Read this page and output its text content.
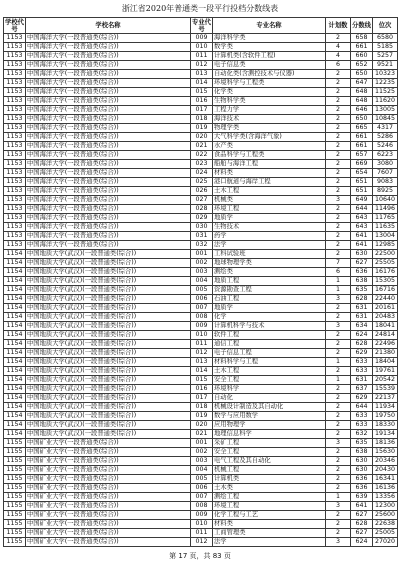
浙江省2020年普通类一段平行投档分数线表
学校代号	学校名称	专业代号	专业名称	计划数	分数线	位次
1153	中国海洋大学(一段普通类(综合))	009	海洋科学类	2	658	6580
1153	中国海洋大学(一段普通类(综合))	010	数学类	4	661	5185
1153	中国海洋大学(一段普通类(综合))	011	计算机类(含软件工程)	4	660	5257
1153	中国海洋大学(一段普通类(综合))	012	电子信息类	6	652	9521
1153	中国海洋大学(一段普通类(综合))	013	自动化类(含测控技术与仪器)	2	650	10323
1153	中国海洋大学(一段普通类(综合))	014	环境科学与工程类	2	647	12235
1153	中国海洋大学(一段普通类(综合))	015	化学类	2	648	11525
1153	中国海洋大学(一段普通类(综合))	016	生物科学类	2	648	11620
1153	中国海洋大学(一段普通类(综合))	017	工程力学	2	646	13005
1153	中国海洋大学(一段普通类(综合))	018	海洋技术	2	650	10845
1153	中国海洋大学(一段普通类(综合))	019	物理学类	2	665	4317
1153	中国海洋大学(一段普通类(综合))	020	大气科学类(含海洋气象)	2	661	5286
1153	中国海洋大学(一段普通类(综合))	021	水产类	2	661	5246
1153	中国海洋大学(一段普通类(综合))	022	食品科学与工程类	2	657	6223
1153	中国海洋大学(一段普通类(综合))	023	船舶与海洋工程	2	669	3080
1153	中国海洋大学(一段普通类(综合))	024	材料类	2	654	7607
1153	中国海洋大学(一段普通类(综合))	025	港口航道与海岸工程	2	651	9083
1153	中国海洋大学(一段普通类(综合))	026	土木工程	2	651	8925
1153	中国海洋大学(一段普通类(综合))	027	机械类	3	649	10640
1153	中国海洋大学(一段普通类(综合))	028	环境工程	2	644	11496
1153	中国海洋大学(一段普通类(综合))	029	地质学	2	643	11765
1153	中国海洋大学(一段普通类(综合))	030	生物技术	2	643	11635
1153	中国海洋大学(一段普通类(综合))	031	药学	2	641	13004
1153	中国海洋大学(一段普通类(综合))	032	法学	2	641	12985
1154	中国地质大学(武汉)(一段普通类(综合))	001	工科试验班	2	630	22500
1154	中国地质大学(武汉)(一段普通类(综合))	002	地球物理学类	7	627	25505
1154	中国地质大学(武汉)(一段普通类(综合))	003	测绘类	6	636	16176
1154	中国地质大学(武汉)(一段普通类(综合))	004	地质工程	1	638	15305
1154	中国地质大学(武汉)(一段普通类(综合))	005	资源勘查工程	1	635	16716
1154	中国地质大学(武汉)(一段普通类(综合))	006	石油工程	3	628	22440
1154	中国地质大学(武汉)(一段普通类(综合))	007	地质学	2	631	20161
1154	中国地质大学(武汉)(一段普通类(综合))	008	化学	2	631	20483
1154	中国地质大学(武汉)(一段普通类(综合))	009	计算机科学与技术	3	634	18041
1154	中国地质大学(武汉)(一段普通类(综合))	010	软件工程	2	624	24814
1154	中国地质大学(武汉)(一段普通类(综合))	011	通信工程	2	628	22496
1154	中国地质大学(武汉)(一段普通类(综合))	012	电子信息工程	2	629	21380
1154	中国地质大学(武汉)(一段普通类(综合))	013	材料科学与工程	1	633	18404
1154	中国地质大学(武汉)(一段普通类(综合))	014	土木工程	2	633	19761
1154	中国地质大学(武汉)(一段普通类(综合))	015	安全工程	1	631	20542
1154	中国地质大学(武汉)(一段普通类(综合))	016	环境科学	2	637	15539
1154	中国地质大学(武汉)(一段普通类(综合))	017	自动化	2	629	22137
1154	中国地质大学(武汉)(一段普通类(综合))	018	机械设计制造及其自动化	2	644	11934
1154	中国地质大学(武汉)(一段普通类(综合))	019	数学与应用数学	2	633	19750
1154	中国地质大学(武汉)(一段普通类(综合))	020	应用物理学	2	633	18330
1154	中国地质大学(武汉)(一段普通类(综合))	021	地理信息科学	2	632	19134
1155	中国矿业大学(一段普通类(综合))	001	采矿工程	3	635	18136
1155	中国矿业大学(一段普通类(综合))	002	安全工程	2	638	15630
1155	中国矿业大学(一段普通类(综合))	003	电气工程及其自动化	2	630	20346
1155	中国矿业大学(一段普通类(综合))	004	机械工程	2	630	20430
1155	中国矿业大学(一段普通类(综合))	005	计算机类	2	636	16341
1155	中国矿业大学(一段普通类(综合))	006	土木类	2	636	16136
1155	中国矿业大学(一段普通类(综合))	007	测绘工程	1	639	13356
1155	中国矿业大学(一段普通类(综合))	008	环境工程	3	641	12300
1155	中国矿业大学(一段普通类(综合))	009	化学工程与工艺	2	627	25600
1155	中国矿业大学(一段普通类(综合))	010	材料类	2	628	22638
1155	中国矿业大学(一段普通类(综合))	011	工商管理类	2	627	25005
1155	中国矿业大学(一段普通类(综合))	012	法学	3	624	27020
第 17 页，共 83 页
